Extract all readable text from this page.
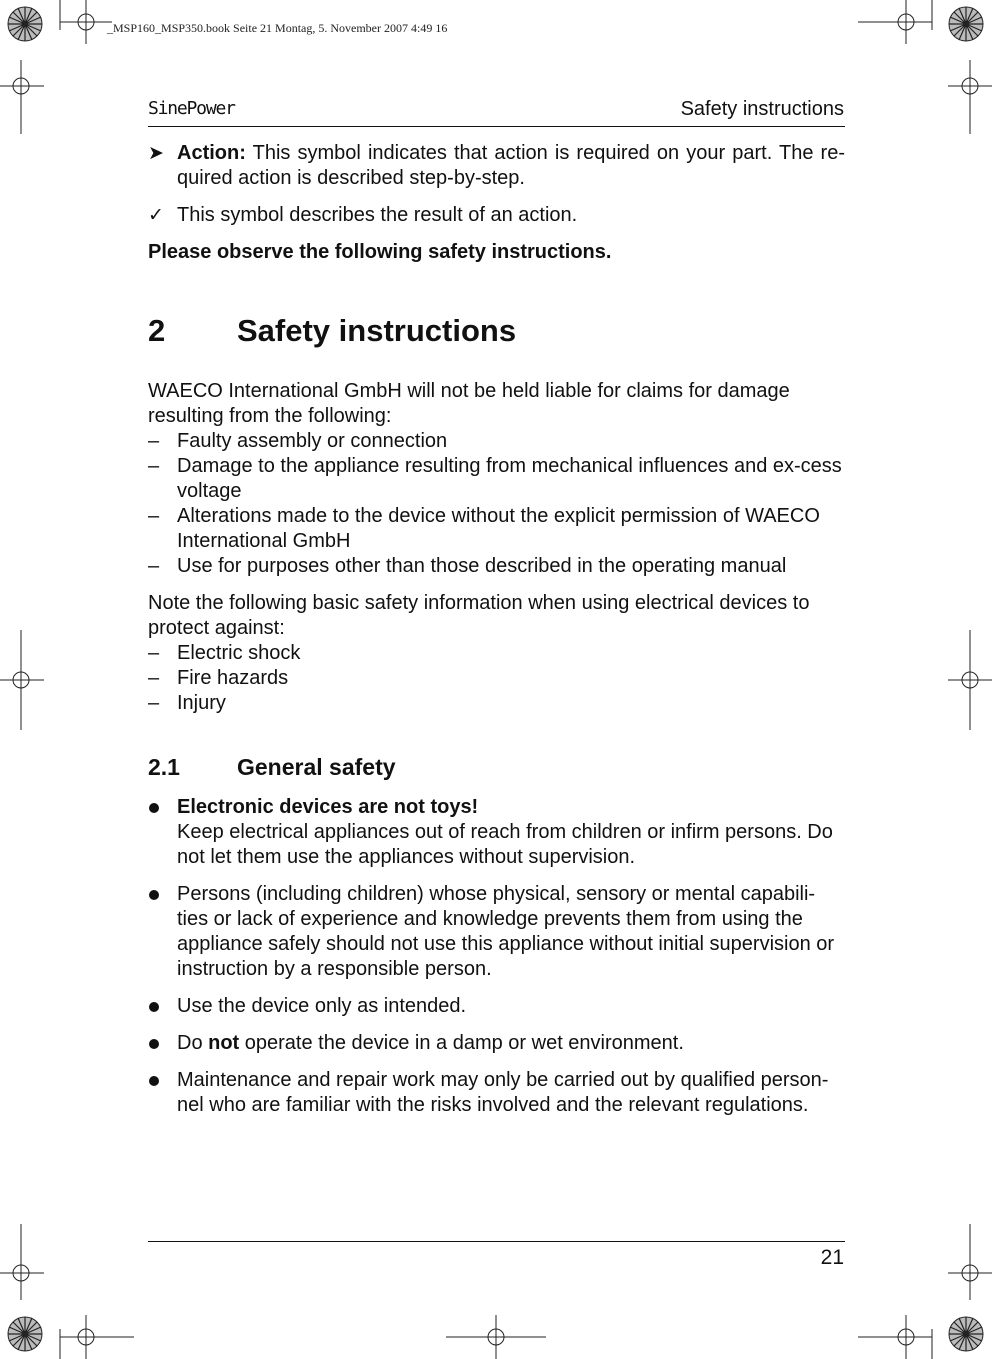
_MSP160_MSP350.book Seite 21 Montag, 5. November 2007 4:49 16
SinePower	Safety instructions
➤ Action: This symbol indicates that action is required on your part. The re-quired action is described step-by-step.
✓ This symbol describes the result of an action.
Please observe the following safety instructions.
2 Safety instructions
WAECO International GmbH will not be held liable for claims for damage resulting from the following:
– Faulty assembly or connection
– Damage to the appliance resulting from mechanical influences and ex-cess voltage
– Alterations made to the device without the explicit permission of WAECO International GmbH
– Use for purposes other than those described in the operating manual
Note the following basic safety information when using electrical devices to protect against:
– Electric shock
– Fire hazards
– Injury
2.1 General safety
Electronic devices are not toys!
Keep electrical appliances out of reach from children or infirm persons. Do not let them use the appliances without supervision.
Persons (including children) whose physical, sensory or mental capabili-ties or lack of experience and knowledge prevents them from using the appliance safely should not use this appliance without initial supervision or instruction by a responsible person.
Use the device only as intended.
Do not operate the device in a damp or wet environment.
Maintenance and repair work may only be carried out by qualified person-nel who are familiar with the risks involved and the relevant regulations.
21
